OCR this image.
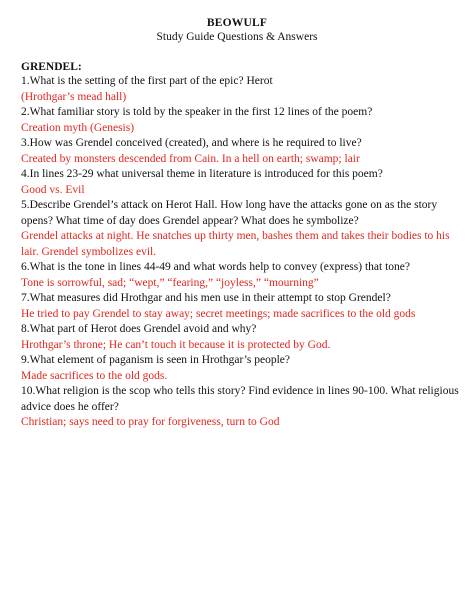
BEOWULF
Study Guide Questions & Answers
GRENDEL:
1.What is the setting of the first part of the epic? Herot
(Hrothgar’s mead hall)
2.What familiar story is told by the speaker in the first 12 lines of the poem?
Creation myth (Genesis)
3.How was Grendel conceived (created), and where is he required to live?
Created by monsters descended from Cain. In a hell on earth; swamp; lair
4.In lines 23-29 what universal theme in literature is introduced for this poem?
Good vs. Evil
5.Describe Grendel’s attack on Herot Hall. How long have the attacks gone on as the story opens? What time of day does Grendel appear? What does he symbolize?
Grendel attacks at night. He snatches up thirty men, bashes them and takes their bodies to his lair. Grendel symbolizes evil.
6.What is the tone in lines 44-49 and what words help to convey (express) that tone?
Tone is sorrowful, sad; “wept,” “fearing,” “joyless,” “mourning”
7.What measures did Hrothgar and his men use in their attempt to stop Grendel?
He tried to pay Grendel to stay away; secret meetings; made sacrifices to the old gods
8.What part of Herot does Grendel avoid and why?
Hrothgar’s throne; He can’t touch it because it is protected by God.
9.What element of paganism is seen in Hrothgar’s people?
Made sacrifices to the old gods.
10.What religion is the scop who tells this story? Find evidence in lines 90-100. What religious advice does he offer?
Christian; says need to pray for forgiveness, turn to God
